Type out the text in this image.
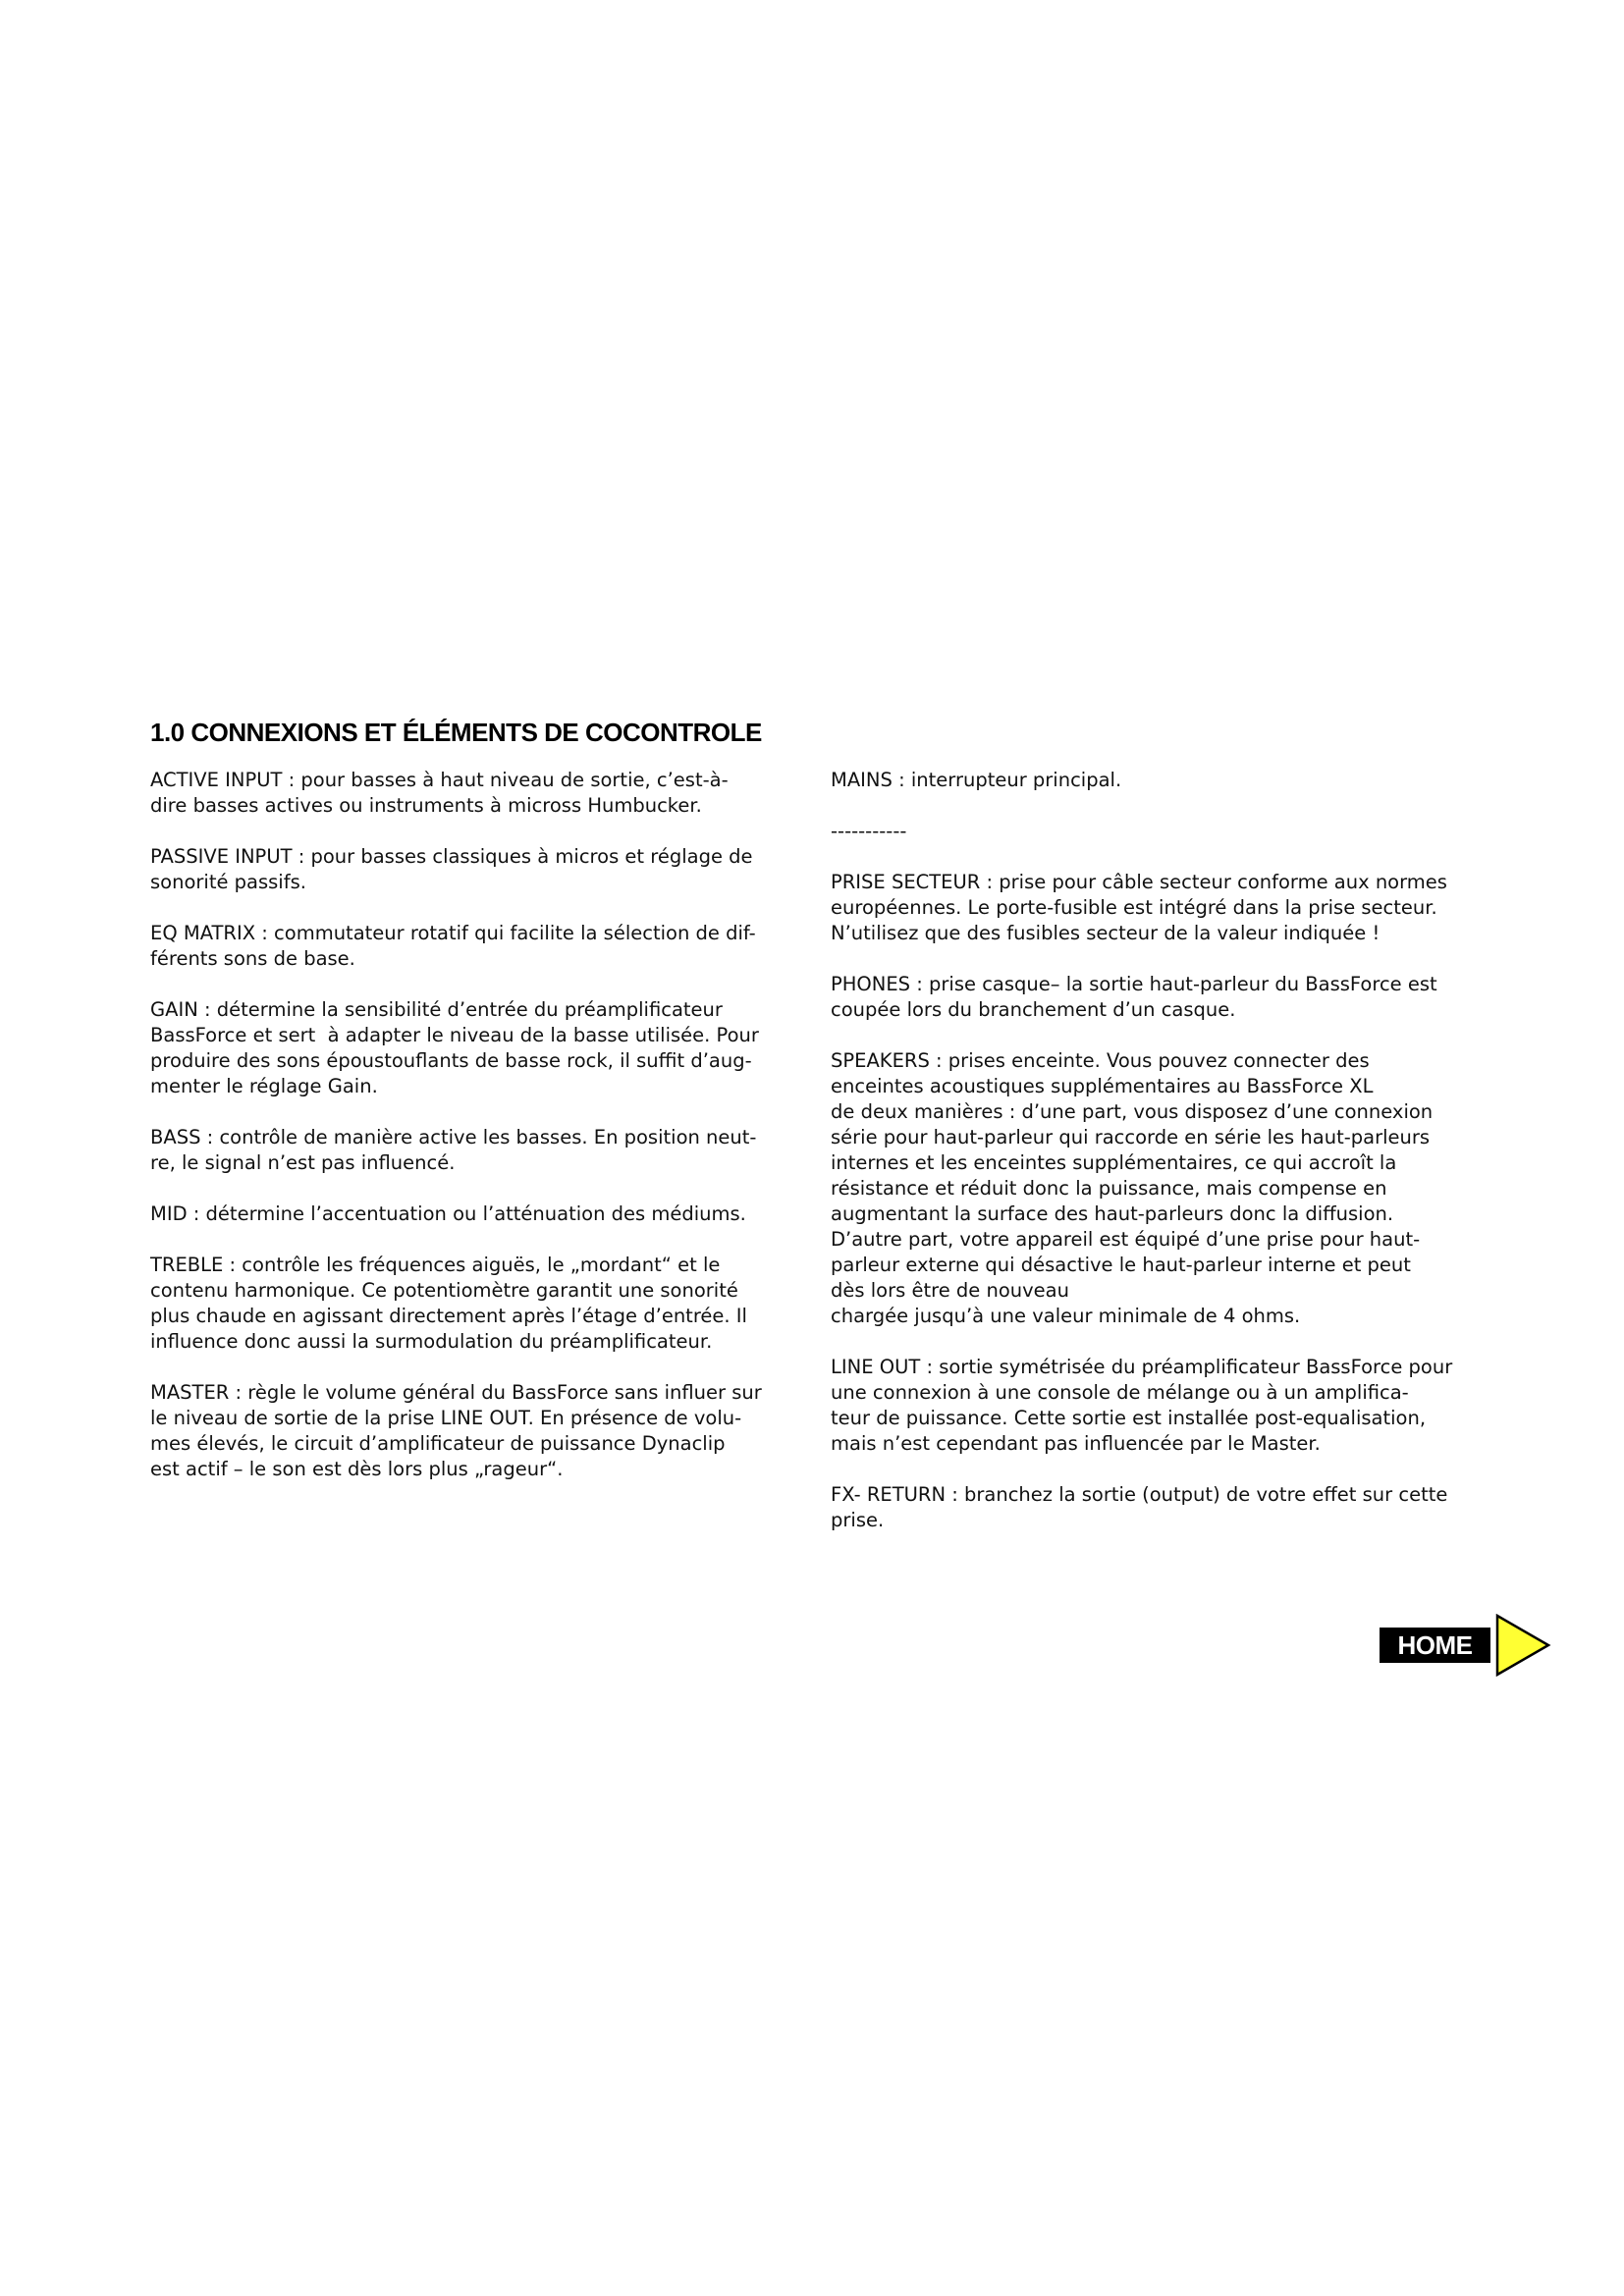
1.0 CONNEXIONS ET ÉLÉMENTS DE COCONTROLE
ACTIVE INPUT : pour basses à haut niveau de sortie, c’est-à-
dire basses actives ou instruments à micross Humbucker.
PASSIVE INPUT : pour basses classiques à micros et réglage de
sonorité passifs.
EQ MATRIX : commutateur rotatif qui facilite la sélection de dif-
férents sons de base.
GAIN : détermine la sensibilité d’entrée du préamplificateur
BassForce et sert  à adapter le niveau de la basse utilisée. Pour
produire des sons époustouflants de basse rock, il suffit d’aug-
menter le réglage Gain.
BASS : contrôle de manière active les basses. En position neut-
re, le signal n’est pas influencé.
MID : détermine l’accentuation ou l’atténuation des médiums.
TREBLE : contrôle les fréquences aiguës, le „mordant“ et le
contenu harmonique. Ce potentiomètre garantit une sonorité
plus chaude en agissant directement après l’étage d’entrée. Il
influence donc aussi la surmodulation du préamplificateur.
MASTER : règle le volume général du BassForce sans influer sur
le niveau de sortie de la prise LINE OUT. En présence de volu-
mes élevés, le circuit d’amplificateur de puissance Dynaclip
est actif – le son est dès lors plus „rageur“.
MAINS : interrupteur principal.
-----------
PRISE SECTEUR : prise pour câble secteur conforme aux normes
européennes. Le porte-fusible est intégré dans la prise secteur.
N’utilisez que des fusibles secteur de la valeur indiquée !
PHONES : prise casque– la sortie haut-parleur du BassForce est
coupée lors du branchement d’un casque.
SPEAKERS : prises enceinte. Vous pouvez connecter des
enceintes acoustiques supplémentaires au BassForce XL
de deux manières : d’une part, vous disposez d’une connexion
série pour haut-parleur qui raccorde en série les haut-parleurs
internes et les enceintes supplémentaires, ce qui accroît la
résistance et réduit donc la puissance, mais compense en
augmentant la surface des haut-parleurs donc la diffusion.
D’autre part, votre appareil est équipé d’une prise pour haut-
parleur externe qui désactive le haut-parleur interne et peut
dès lors être de nouveau
chargée jusqu’à une valeur minimale de 4 ohms.
LINE OUT : sortie symétrisée du préamplificateur BassForce pour
une connexion à une console de mélange ou à un amplifica-
teur de puissance. Cette sortie est installée post-equalisation,
mais n’est cependant pas influencée par le Master.
FX- RETURN : branchez la sortie (output) de votre effet sur cette
prise.
HOME
